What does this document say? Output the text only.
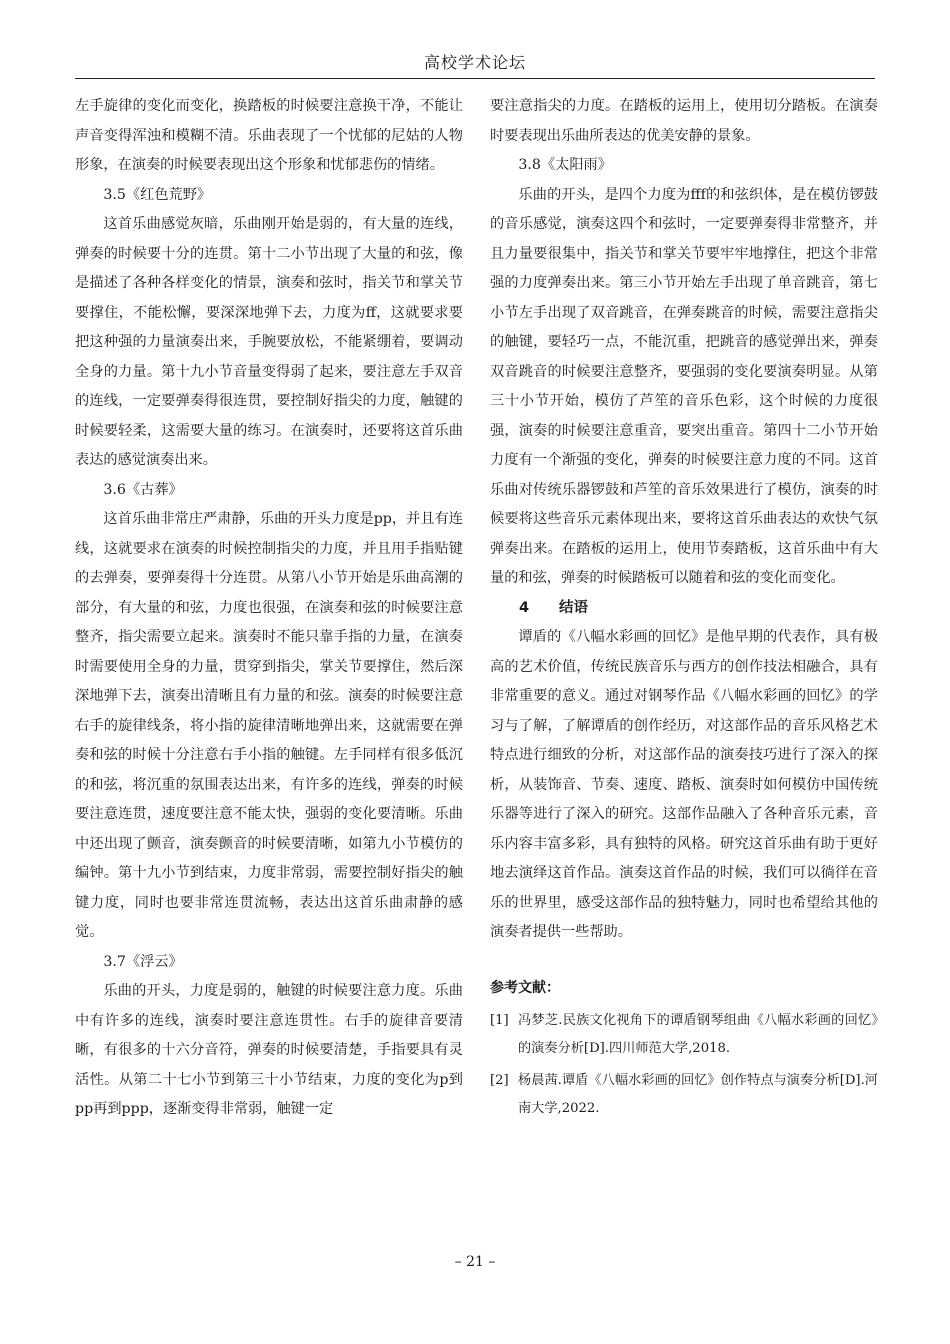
高校学术论坛

左手旋律的变化而变化，换踏板的时候要注意换干净，不能让声音变得浑浊和模糊不清。乐曲表现了一个忧郁的尼姑的人物形象，在演奏的时候要表现出这个形象和忧郁悲伤的情绪。

3.5《红色荒野》

这首乐曲感觉灰暗，乐曲刚开始是弱的，有大量的连线，弹奏的时候要十分的连贯。第十二小节出现了大量的和弦，像是描述了各种各样变化的情景，演奏和弦时，指关节和掌关节要撑住，不能松懈，要深深地弹下去，力度为ff，这就要求要把这种强的力量演奏出来，手腕要放松，不能紧绷着，要调动全身的力量。第十九小节音量变得弱了起来，要注意左手双音的连线，一定要弹奏得很连贯，要控制好指尖的力度，触键的时候要轻柔，这需要大量的练习。在演奏时，还要将这首乐曲表达的感觉演奏出来。

3.6《古葬》

这首乐曲非常庄严肃静，乐曲的开头力度是pp，并且有连线，这就要求在演奏的时候控制指尖的力度，并且用手指贴键的去弹奏，要弹奏得十分连贯。从第八小节开始是乐曲高潮的部分，有大量的和弦，力度也很强，在演奏和弦的时候要注意整齐，指尖需要立起来。演奏时不能只靠手指的力量，在演奏时需要使用全身的力量，贯穿到指尖，掌关节要撑住，然后深深地弹下去，演奏出清晰且有力量的和弦。演奏的时候要注意右手的旋律线条，将小指的旋律清晰地弹出来，这就需要在弹奏和弦的时候十分注意右手小指的触键。左手同样有很多低沉的和弦，将沉重的氛围表达出来，有许多的连线，弹奏的时候要注意连贯，速度要注意不能太快，强弱的变化要清晰。乐曲中还出现了颤音，演奏颤音的时候要清晰，如第九小节模仿的编钟。第十九小节到结束，力度非常弱，需要控制好指尖的触键力度，同时也要非常连贯流畅，表达出这首乐曲肃静的感觉。

3.7《浮云》

乐曲的开头，力度是弱的，触键的时候要注意力度。乐曲中有许多的连线，演奏时要注意连贯性。右手的旋律音要清晰，有很多的十六分音符，弹奏的时候要清楚，手指要具有灵活性。从第二十七小节到第三十小节结束，力度的变化为p到pp再到ppp，逐渐变得非常弱，触键一定

要注意指尖的力度。在踏板的运用上，使用切分踏板。在演奏时要表现出乐曲所表达的优美安静的景象。

3.8《太阳雨》

乐曲的开头，是四个力度为fff的和弦织体，是在模仿锣鼓的音乐感觉，演奏这四个和弦时，一定要弹奏得非常整齐，并且力量要很集中，指关节和掌关节要牢牢地撑住，把这个非常强的力度弹奏出来。第三小节开始左手出现了单音跳音，第七小节左手出现了双音跳音，在弹奏跳音的时候，需要注意指尖的触键，要轻巧一点，不能沉重，把跳音的感觉弹出来，弹奏双音跳音的时候要注意整齐，要强弱的变化要演奏明显。从第三十小节开始，模仿了芦笙的音乐色彩，这个时候的力度很强，演奏的时候要注意重音，要突出重音。第四十二小节开始力度有一个渐强的变化，弹奏的时候要注意力度的不同。这首乐曲对传统乐器锣鼓和芦笙的音乐效果进行了模仿，演奏的时候要将这些音乐元素体现出来，要将这首乐曲表达的欢快气氛弹奏出来。在踏板的运用上，使用节奏踏板，这首乐曲中有大量的和弦，弹奏的时候踏板可以随着和弦的变化而变化。

4 结语

谭盾的《八幅水彩画的回忆》是他早期的代表作，具有极高的艺术价值，传统民族音乐与西方的创作技法相融合，具有非常重要的意义。通过对钢琴作品《八幅水彩画的回忆》的学习与了解，了解谭盾的创作经历，对这部作品的音乐风格艺术特点进行细致的分析，对这部作品的演奏技巧进行了深入的探析，从装饰音、节奏、速度、踏板、演奏时如何模仿中国传统乐器等进行了深入的研究。这部作品融入了各种音乐元素，音乐内容丰富多彩，具有独特的风格。研究这首乐曲有助于更好地去演绎这首作品。演奏这首作品的时候，我们可以徜徉在音乐的世界里，感受这部作品的独特魅力，同时也希望给其他的演奏者提供一些帮助。

参考文献：
[1] 冯梦芝.民族文化视角下的谭盾钢琴组曲《八幅水彩画的回忆》的演奏分析[D].四川师范大学,2018.
[2] 杨晨茜.谭盾《八幅水彩画的回忆》创作特点与演奏分析[D].河南大学,2022.
– 21 –
